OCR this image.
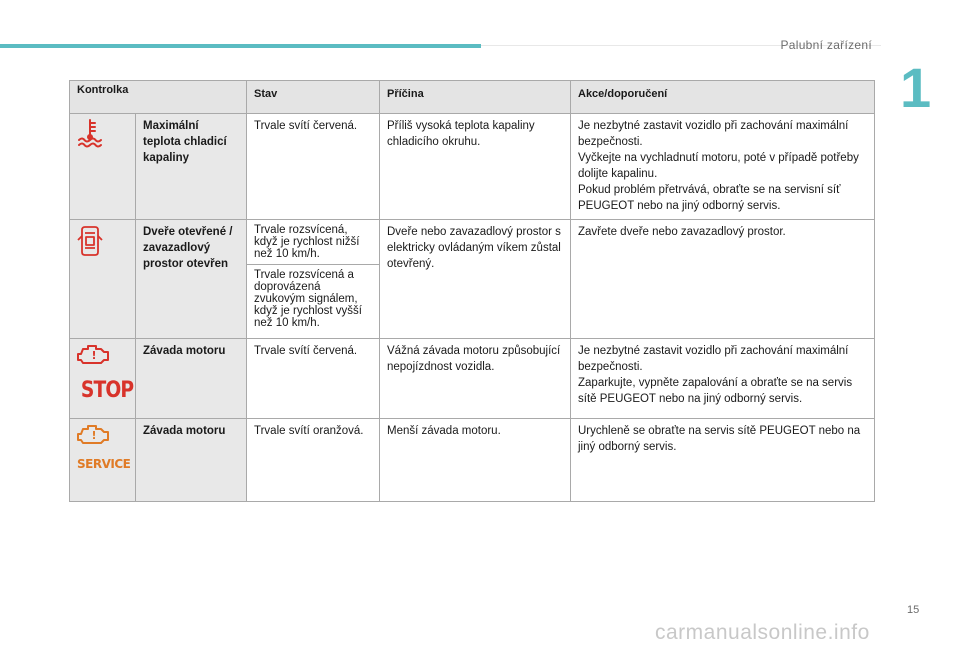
Palubní zařízení
1
Kontrolka		Stav	Příčina	Akce/doporučení
	Maximální teplota chladicí kapaliny	Trvale svítí červená.	Příliš vysoká teplota kapaliny chladicího okruhu.	Je nezbytné zastavit vozidlo při zachování maximální bezpečnosti.
Vyčkejte na vychladnutí motoru, poté v případě potřeby dolijte kapalinu.
Pokud problém přetrvává, obraťte se na servisní síť PEUGEOT nebo na jiný odborný servis.

	Dveře otevřené / zavazadlový prostor otevřen	Trvale rozsvícená, když je rychlost nižší než 10 km/h.	Dveře nebo zavazadlový prostor s elektricky ovládaným víkem zůstal otevřený.	Zavřete dveře nebo zavazadlový prostor.
		Trvale rozsvícená a doprovázená zvukovým signálem, když je rychlost vyšší než 10 km/h.		

!
STOP	Závada motoru	Trvale svítí červená.	Vážná závada motoru způsobující nepojízdnost vozidla.	Je nezbytné zastavit vozidlo při zachování maximální bezpečnosti.
Zaparkujte, vypněte zapalování a obraťte se na servis sítě PEUGEOT nebo na jiný odborný servis.

!
SERVICE	Závada motoru	Trvale svítí oranžová.	Menší závada motoru.	Urychleně se obraťte na servis sítě PEUGEOT nebo na jiný odborný servis.
15
carmanualsonline.info
